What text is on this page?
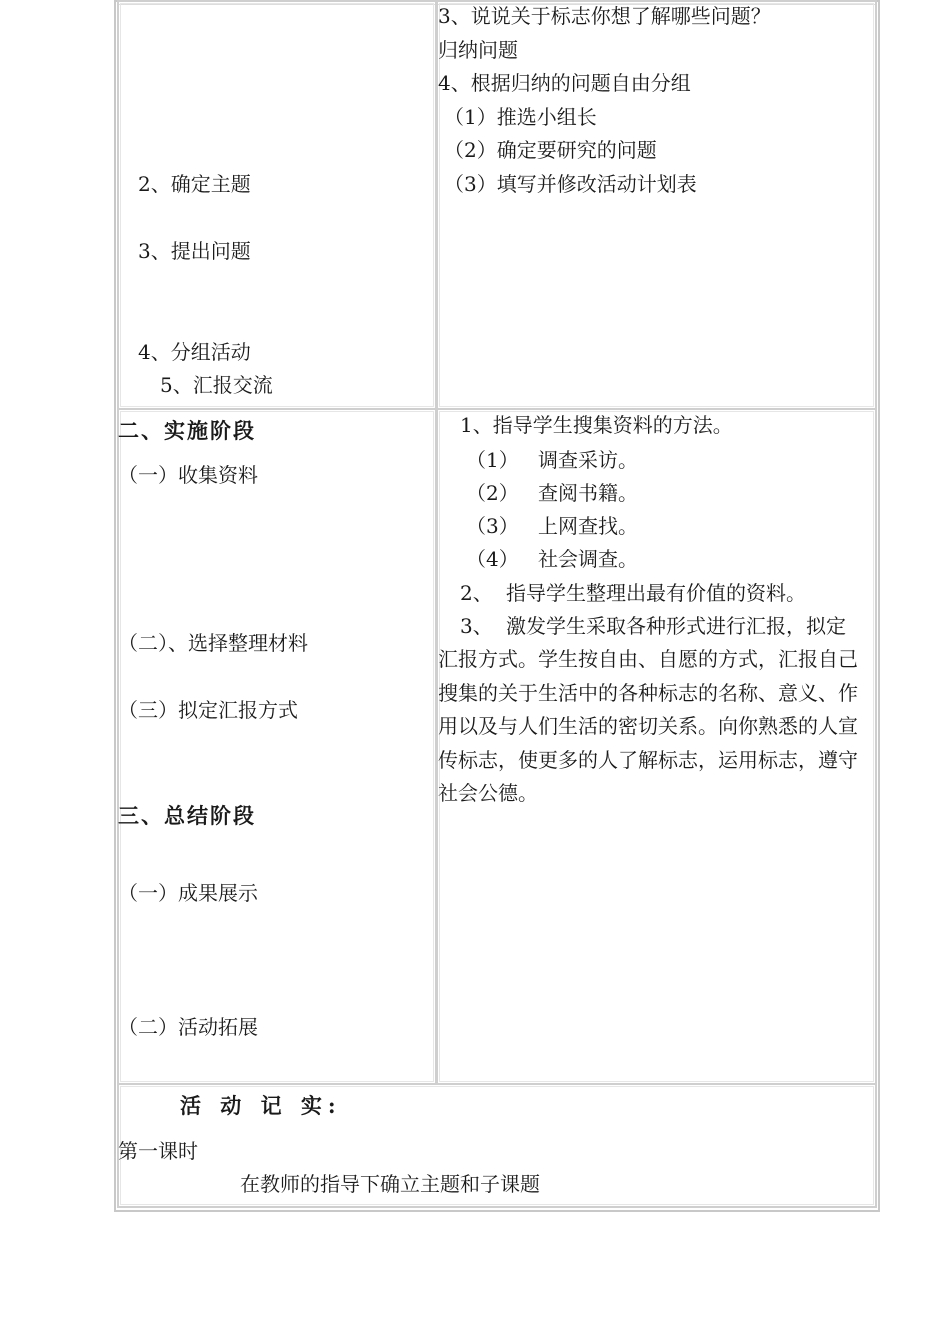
2、确定主题
3、提出问题
4、分组活动
5、汇报交流
3、说说关于标志你想了解哪些问题？
归纳问题
4、根据归纳的问题自由分组
（1）推选小组长
（2）确定要研究的问题
（3）填写并修改活动计划表
二、实施阶段
（一）收集资料
（二）、选择整理材料
（三）拟定汇报方式
三、总结阶段
（一）成果展示
（二）活动拓展
1、指导学生搜集资料的方法。
（1） 调查采访。
（2） 查阅书籍。
（3） 上网查找。
（4） 社会调查。
2、 指导学生整理出最有价值的资料。
3、 激发学生采取各种形式进行汇报，拟定
汇报方式。学生按自由、自愿的方式，汇报自己搜集的关于生活中的各种标志的名称、意义、作用以及与人们生活的密切关系。向你熟悉的人宣传标志，使更多的人了解标志，运用标志，遵守社会公德。
活 动 记 实:
第一课时
在教师的指导下确立主题和子课题
